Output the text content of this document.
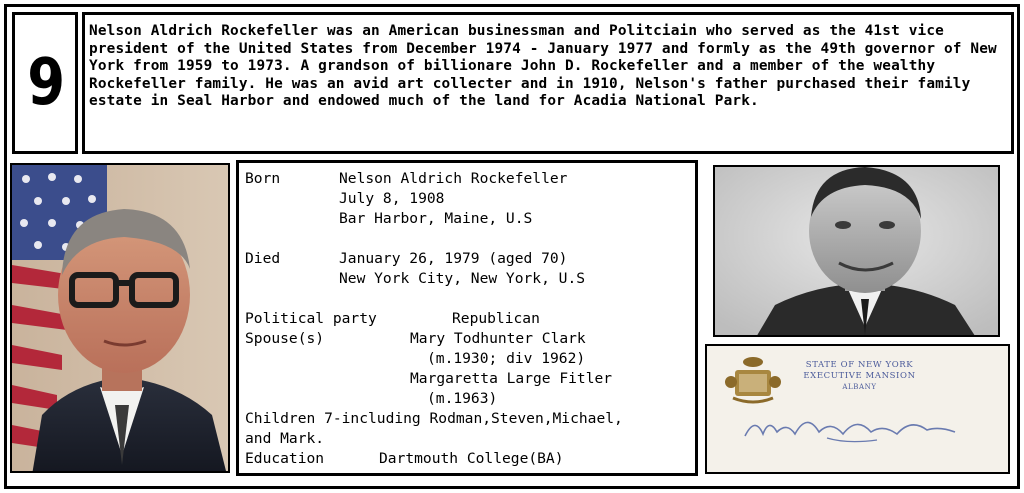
9

Nelson Aldrich Rockefeller was an American businessman and Politciain who served as the 41st vice president of the United States from December 1974 - January 1977 and formly as the 49th governor of New York from 1959 to 1973. A grandson of billionare John D. Rockefeller and a member of the wealthy Rockefeller family. He was an avid art collecter and in 1910, Nelson's father purchased their family estate in Seal Harbor and endowed much of the land for Acadia National Park.

Born	Nelson Aldrich Rockefeller
July 8, 1908
Bar Harbor, Maine, U.S
Died	January 26, 1979 (aged 70)
New York City, New York, U.S
Political party	Republican
Spouse(s)	Mary Todhunter Clark
(m.1930; div 1962)
Margaretta Large Fitler
(m.1963)
Children 7-including Rodman,Steven,Michael,
and Mark.
Education	Dartmouth College(BA)
STATE OF NEW YORK
EXECUTIVE MANSION
ALBANY
